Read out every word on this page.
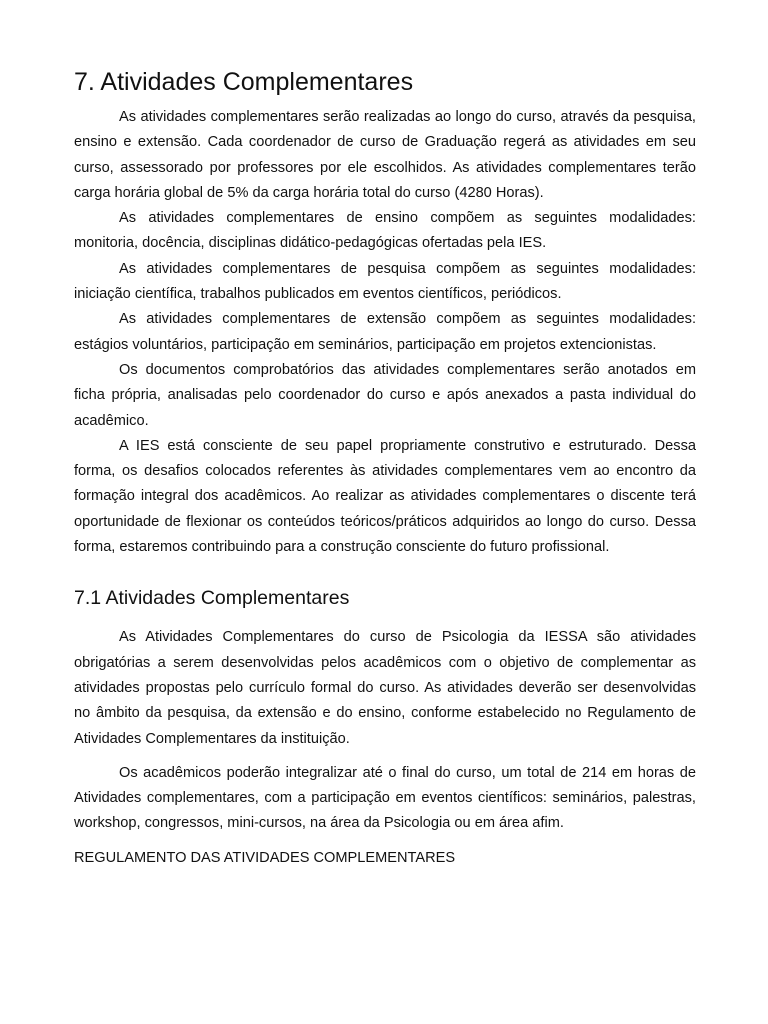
7. Atividades Complementares

As atividades complementares serão realizadas ao longo do curso, através da pesquisa, ensino e extensão. Cada coordenador de curso de Graduação regerá as atividades em seu curso, assessorado por professores por ele escolhidos. As atividades complementares terão carga horária global de 5% da carga horária total do curso (4280 Horas).

As atividades complementares de ensino compõem as seguintes modalidades: monitoria, docência, disciplinas didático-pedagógicas ofertadas pela IES.

As atividades complementares de pesquisa compõem as seguintes modalidades: iniciação científica, trabalhos publicados em eventos científicos, periódicos.

As atividades complementares de extensão compõem as seguintes modalidades: estágios voluntários, participação em seminários, participação em projetos extencionistas.

Os documentos comprobatórios das atividades complementares serão anotados em ficha própria, analisadas pelo coordenador do curso e após anexados a pasta individual do acadêmico.

A IES está consciente de seu papel propriamente construtivo e estruturado. Dessa forma, os desafios colocados referentes às atividades complementares vem ao encontro da formação integral dos acadêmicos. Ao realizar as atividades complementares o discente terá oportunidade de flexionar os conteúdos teóricos/práticos adquiridos ao longo do curso. Dessa forma, estaremos contribuindo para a construção consciente do futuro profissional.

7.1 Atividades Complementares

As Atividades Complementares do curso de Psicologia da IESSA são atividades obrigatórias a serem desenvolvidas pelos acadêmicos com o objetivo de complementar as atividades propostas pelo currículo formal do curso. As atividades deverão ser desenvolvidas no âmbito da pesquisa, da extensão e do ensino, conforme estabelecido no Regulamento de Atividades Complementares da instituição.

Os acadêmicos poderão integralizar até o final do curso, um total de 214 em horas de Atividades complementares, com a participação em eventos científicos: seminários, palestras, workshop, congressos, mini-cursos, na área da Psicologia ou em área afim.

REGULAMENTO DAS ATIVIDADES COMPLEMENTARES
